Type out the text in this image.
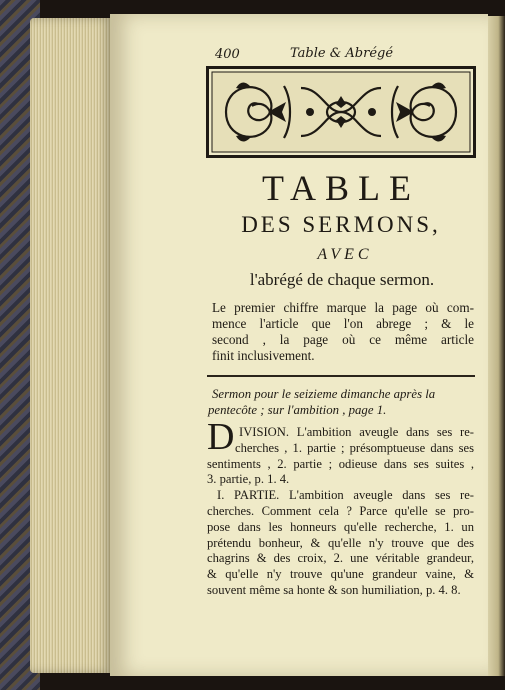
400	Table & Abrégé
TABLE
DES SERMONS,
AVEC
l'abrégé de chaque sermon.
Le premier chiffre marque la page où com-
mence l'article que l'on abrege ; & le
second , la page où ce même article
finit inclusivement.
Sermon pour le seizieme dimanche après la
pentecôte ; sur l'ambition , page 1.
D IVISION. L'ambition aveugle dans ses re-
cherches , 1. partie ; présomptueuse dans ses
sentiments , 2. partie ; odieuse dans ses suites ,
3. partie, p. 1. 4.
I. PARTIE. L'ambition aveugle dans ses re-
cherches. Comment cela ? Parce qu'elle se pro-
pose dans les honneurs qu'elle recherche, 1. un
prétendu bonheur, & qu'elle n'y trouve que des
chagrins & des croix, 2. une véritable grandeur,
& qu'elle n'y trouve qu'une grandeur vaine, &
souvent même sa honte & son humiliation, p. 4. 8.
